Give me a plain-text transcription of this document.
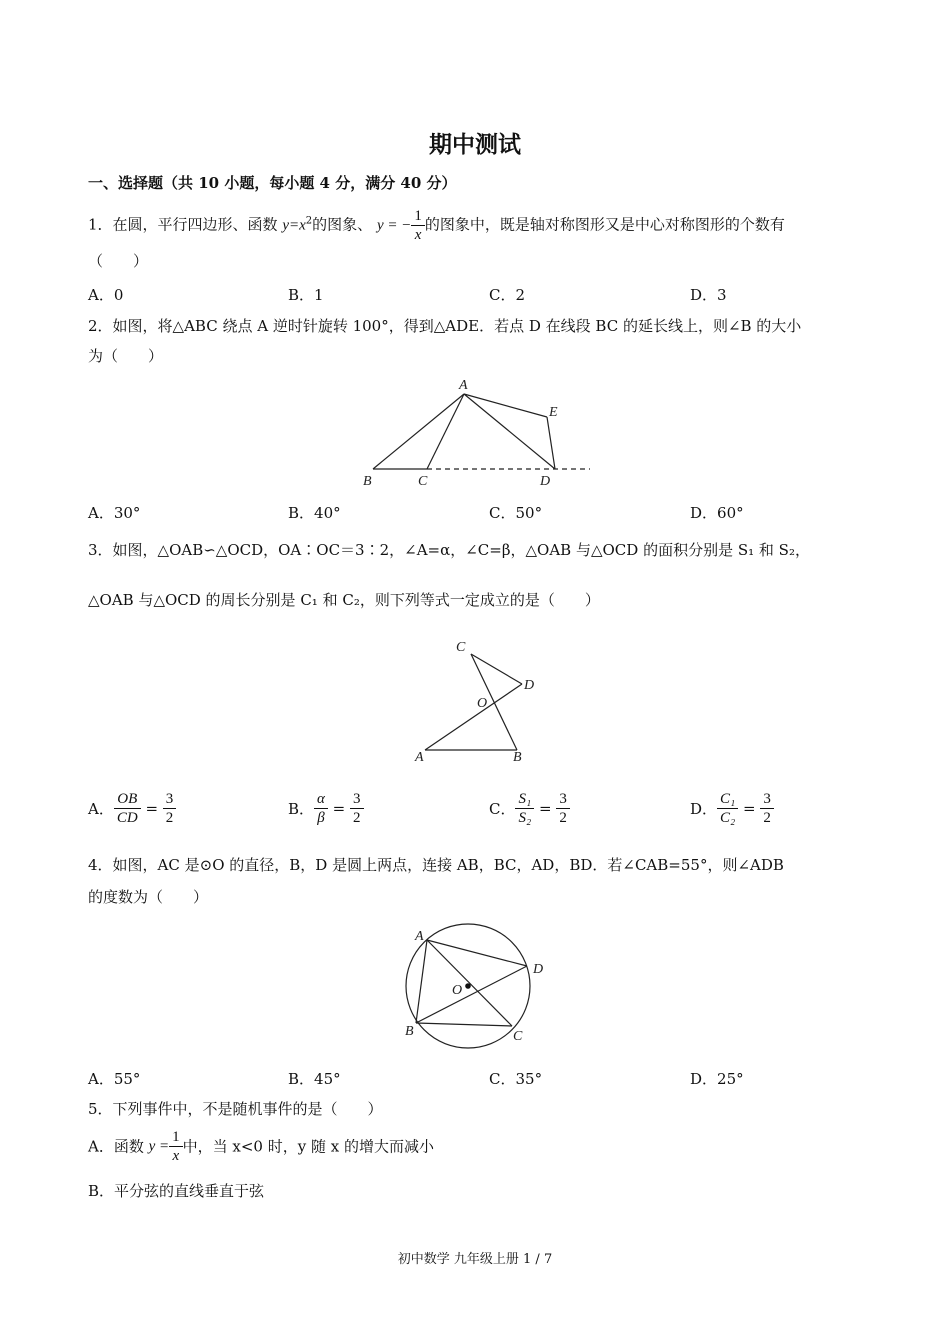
期中测试
一、选择题（共 10 小题，每小题 4 分，满分 40 分）
1．在圆，平行四边形、函数 $y=x^2$的图象、 y = − $\frac{1}{x}$ 的图象中，既是轴对称图形又是中心对称图形的个数有
（　　）
A．0	B．1	C．2	D．3
2．如图，将△ABC 绕点 A 逆时针旋转 100°，得到△ADE．若点 D 在线段 BC 的延长线上，则∠B 的大小
为（　　）
A
B	C	D
E
A．30°	B．40°	C．50°	D．60°
3．如图，△OAB∽△OCD，OA∶OC＝3∶2，∠A=α，∠C=β，△OAB 与△OCD 的面积分别是 S₁ 和 S₂，
△OAB 与△OCD 的周长分别是 C₁ 和 C₂，则下列等式一定成立的是（　　）
C
D
O
A	B
A． $\frac{OB}{CD} = \frac{3}{2}$	B． $\frac{\alpha}{\beta} = \frac{3}{2}$	C． $\frac{\text{S₁}}{\text{S₂}} = \frac{3}{2}$	D． $\frac{\text{C₁}}{\text{C₂}} = \frac{3}{2}$
4．如图，AC 是⊙O 的直径，B，D 是圆上两点，连接 AB，BC，AD，BD．若∠CAB=55°，则∠ADB
的度数为（　　）
A
D
O
B	C
A．55°	B．45°	C．35°	D．25°
5．下列事件中，不是随机事件的是（　　）
A．函数 $y = \frac{1}{x}$ 中，当 x<0 时，y 随 x 的增大而减小
B．平分弦的直线垂直于弦
初中数学 九年级上册 1 / 7
